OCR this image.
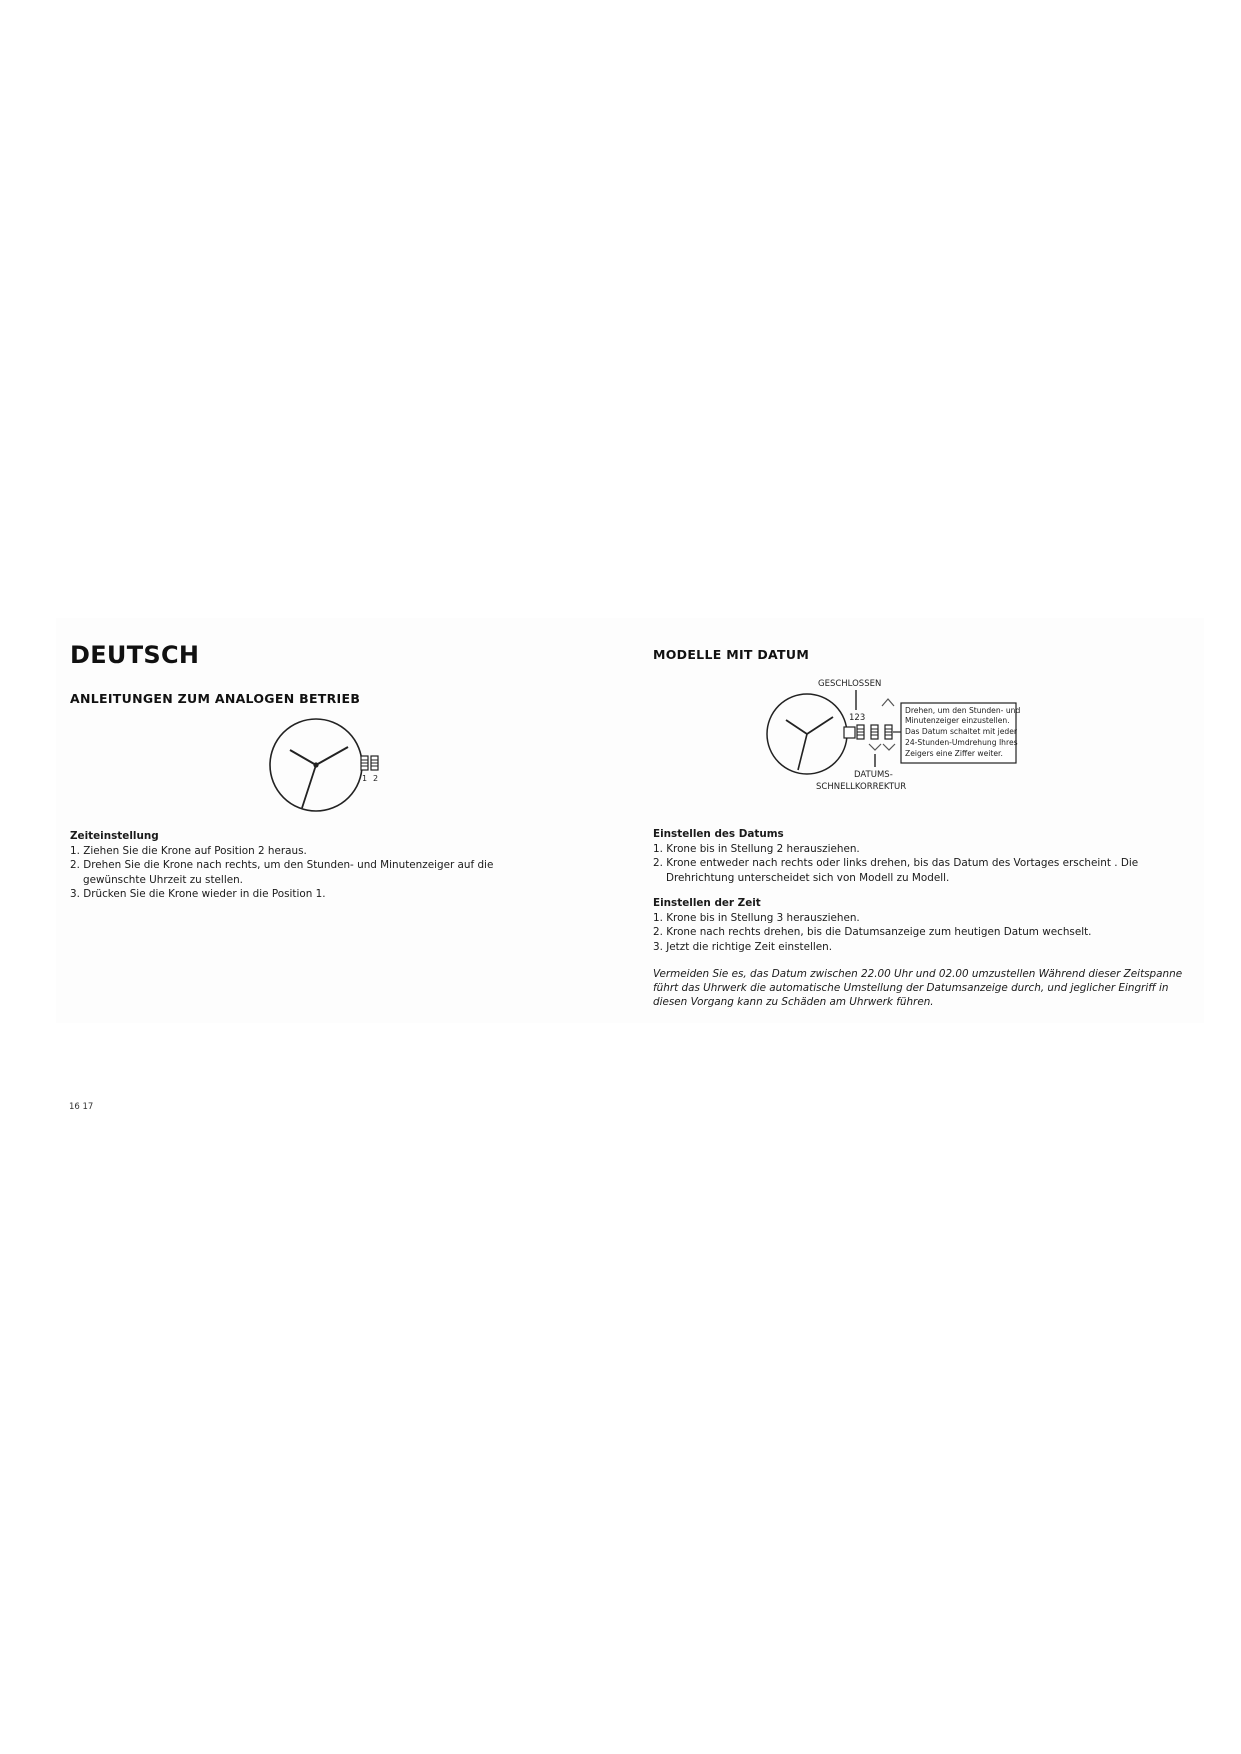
DEUTSCH
ANLEITUNGEN ZUM ANALOGEN BETRIEB
1 2
Zeiteinstellung
1. Ziehen Sie die Krone auf Position 2 heraus.
2. Drehen Sie die Krone nach rechts, um den Stunden- und Minutenzeiger auf die gewünschte Uhrzeit zu stellen.
3. Drücken Sie die Krone wieder in die Position 1.
16 17
MODELLE MIT DATUM
GESCHLOSSEN
123
DATUMS-
SCHNELLKORREKTUR
Drehen, um den Stunden- und
Minutenzeiger einzustellen.
Das Datum schaltet mit jeder
24-Stunden-Umdrehung Ihres
Zeigers eine Ziffer weiter.
Einstellen des Datums
1. Krone bis in Stellung 2 herausziehen.
2. Krone entweder nach rechts oder links drehen, bis das Datum des Vortages erscheint . Die Drehrichtung unterscheidet sich von Modell zu Modell.
Einstellen der Zeit
1. Krone bis in Stellung 3 herausziehen.
2. Krone nach rechts drehen, bis die Datumsanzeige zum heutigen Datum wechselt.
3. Jetzt die richtige Zeit einstellen.

Vermeiden Sie es, das Datum zwischen 22.00 Uhr und 02.00 umzustellen Während dieser Zeitspanne führt das Uhrwerk die automatische Umstellung der Datumsanzeige durch, und jeglicher Eingriff in diesen Vorgang kann zu Schäden am Uhrwerk führen.
